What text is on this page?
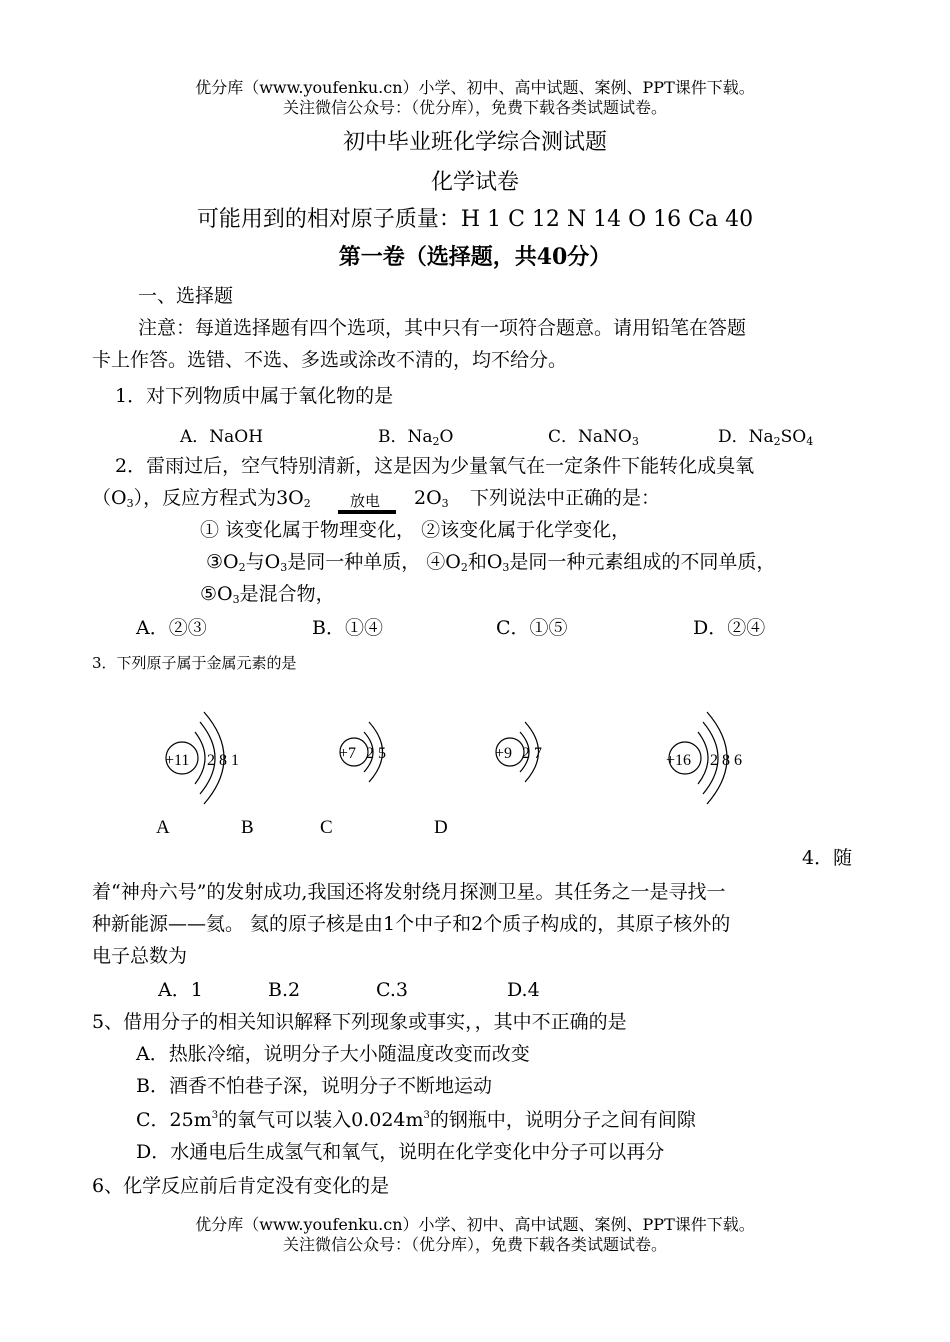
优分库（www.youfenku.cn）小学、初中、高中试题、案例、PPT课件下载。
关注微信公众号：（优分库），免费下载各类试题试卷。
初中毕业班化学综合测试题
化学试卷
可能用到的相对原子质量：H 1 C 12 N 14 O 16 Ca 40
第一卷（选择题，共40分）
一、选择题
注意：每道选择题有四个选项，其中只有一项符合题意。请用铅笔在答题
卡上作答。选错、不选、多选或涂改不清的，均不给分。
1．对下列物质中属于氧化物的是
A．NaOH	B．$Na_2O$	C．NaNO$_3$	D．$Na_2SO_4$
2．雷雨过后，空气特别清新，这是因为少量氧气在一定条件下能转化成臭氧
$(O_3)$，反应方程式为$3O_2$	放电 $2O_3$ 下列说法中正确的是：
① 该变化属于物理变化， ②该变化属于化学变化，
$③O_2$与$O_3$是同一种单质， $④O_2$和$O_3$是同一种元素组成的不同单质，
$⑤O_3$是混合物，
A．②③	B．①④	C．①⑤	D．②④
3．下列原子属于金属元素的是
+11 2 8 1	+7 2 5	+9 2 7	+16 2 8 6
A	B	C	D
4．随
着“神舟六号”的发射成功,我国还将发射绕月探测卫星。其任务之一是寻找一
种新能源——氦。 氦的原子核是由1个中子和2个质子构成的，其原子核外的
电子总数为
A．1	B.2	C.3	D.4
5、借用分子的相关知识解释下列现象或事实，，其中不正确的是
A．热胀冷缩，说明分子大小随温度改变而改变
B．酒香不怕巷子深，说明分子不断地运动
C．$25m^3$的氧气可以装入$0.024m^3$的钢瓶中，说明分子之间有间隙
D．水通电后生成氢气和氧气，说明在化学变化中分子可以再分
6、化学反应前后肯定没有变化的是
优分库（www.youfenku.cn）小学、初中、高中试题、案例、PPT课件下载。
关注微信公众号：（优分库），免费下载各类试题试卷。
